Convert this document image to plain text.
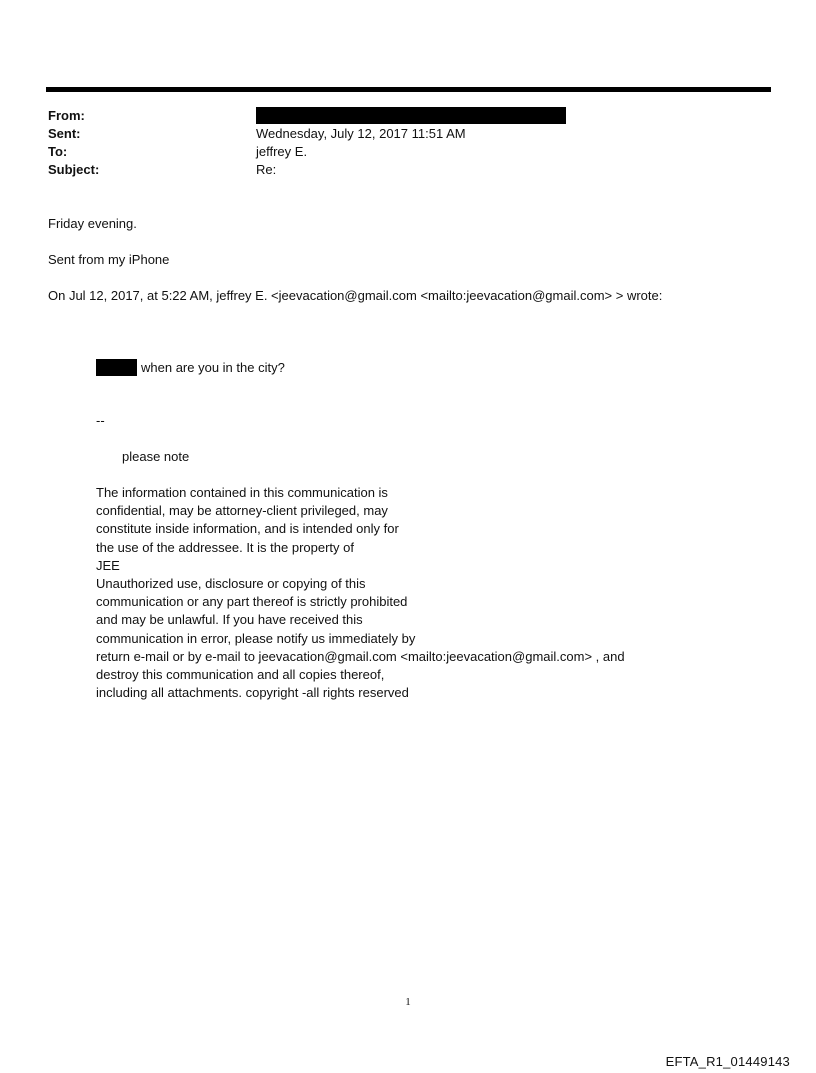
From:
Sent:	Wednesday, July 12, 2017 11:51 AM
To:	jeffrey E.
Subject:	Re:
Friday evening.
Sent from my iPhone
On Jul 12, 2017, at 5:22 AM, jeffrey E. <jeevacation@gmail.com <mailto:jeevacation@gmail.com> > wrote:
when are you in the city?
--
please note
The information contained in this communication is
confidential, may be attorney-client privileged, may
constitute inside information, and is intended only for
the use of the addressee. It is the property of
JEE
Unauthorized use, disclosure or copying of this
communication or any part thereof is strictly prohibited
and may be unlawful. If you have received this
communication in error, please notify us immediately by
return e-mail or by e-mail to jeevacation@gmail.com <mailto:jeevacation@gmail.com> , and
destroy this communication and all copies thereof,
including all attachments. copyright -all rights reserved
1
EFTA_R1_01449143
